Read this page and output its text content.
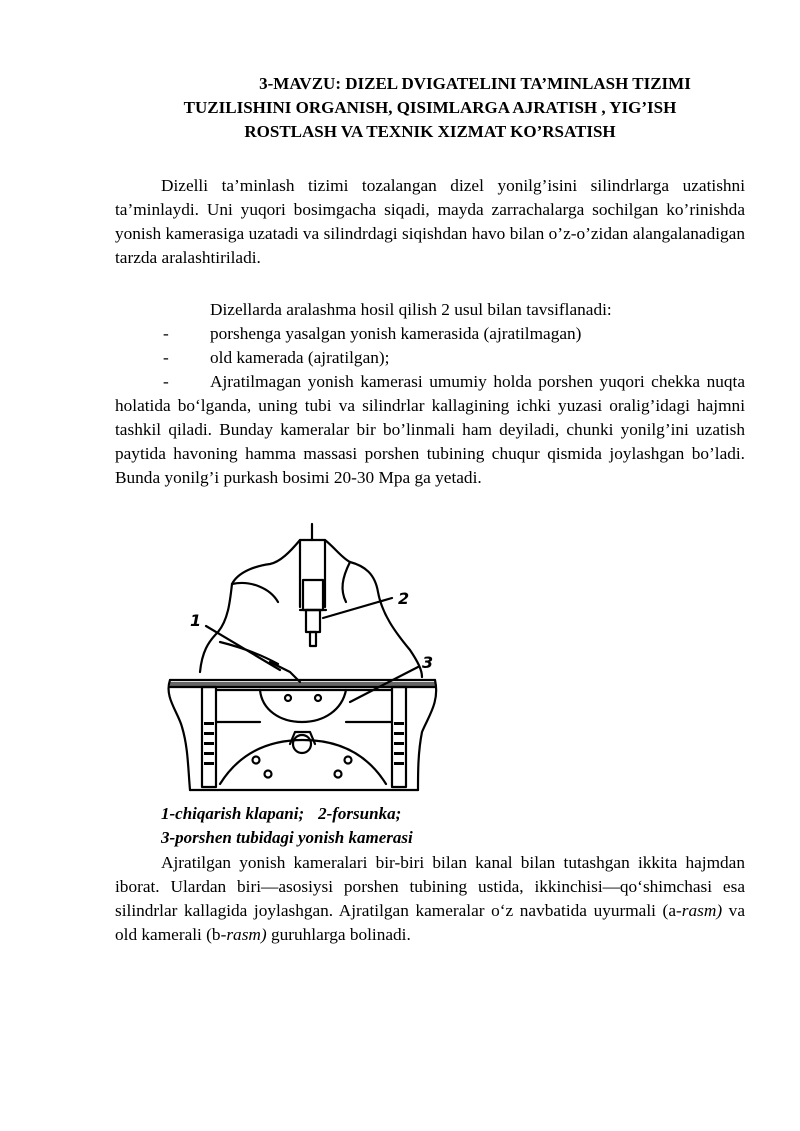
3-MAVZU: DIZEL DVIGATELINI TA’MINLASH TIZIMI
TUZILISHINI ORGANISH, QISIMLARGA AJRATISH , YIG’ISH
ROSTLASH VA TEXNIK XIZMAT KO’RSATISH

Dizelli ta’minlash tizimi tozalangan dizel yonilg’isini silindrlarga uzatishni ta’minlaydi. Uni yuqori bosimgacha siqadi, mayda zarrachalarga sochilgan ko’rinishda yonish kamerasiga uzatadi va silindrdagi siqishdan havo bilan o’z-o’zidan alangalanadigan tarzda aralashtiriladi.

Dizellarda aralashma hosil qilish 2 usul bilan tavsiflanadi:

- porshenga yasalgan yonish kamerasida (ajratilmagan)
- old kamerada (ajratilgan);

- Ajratilmagan yonish kamerasi umumiy holda porshen yuqori chekka nuqta holatida bo‘lganda, uning tubi va silindrlar kallagining ichki yuzasi oralig’idagi hajmni tashkil qiladi. Bunday kameralar bir bo’linmali ham deyiladi, chunki yonilg’ini uzatish paytida havoning hamma massasi porshen tubining chuqur qismida joylashgan bo’ladi. Bunda yonilg’i purkash bosimi 20-30 Mpa ga yetadi.

1
2
3
1-chiqarish klapani; 2-forsunka;
3-porshen tubidagi yonish kamerasi

Ajratilgan yonish kameralari bir-biri bilan kanal bilan tutashgan ikkita hajmdan iborat. Ulardan biri—asosiysi porshen tubining ustida, ikkinchisi—qo‘shimchasi esa silindrlar kallagida joylashgan. Ajratilgan kameralar o‘z navbatida uyurmali (a-rasm) va old kamerali (b-rasm) guruhlarga bolinadi.
